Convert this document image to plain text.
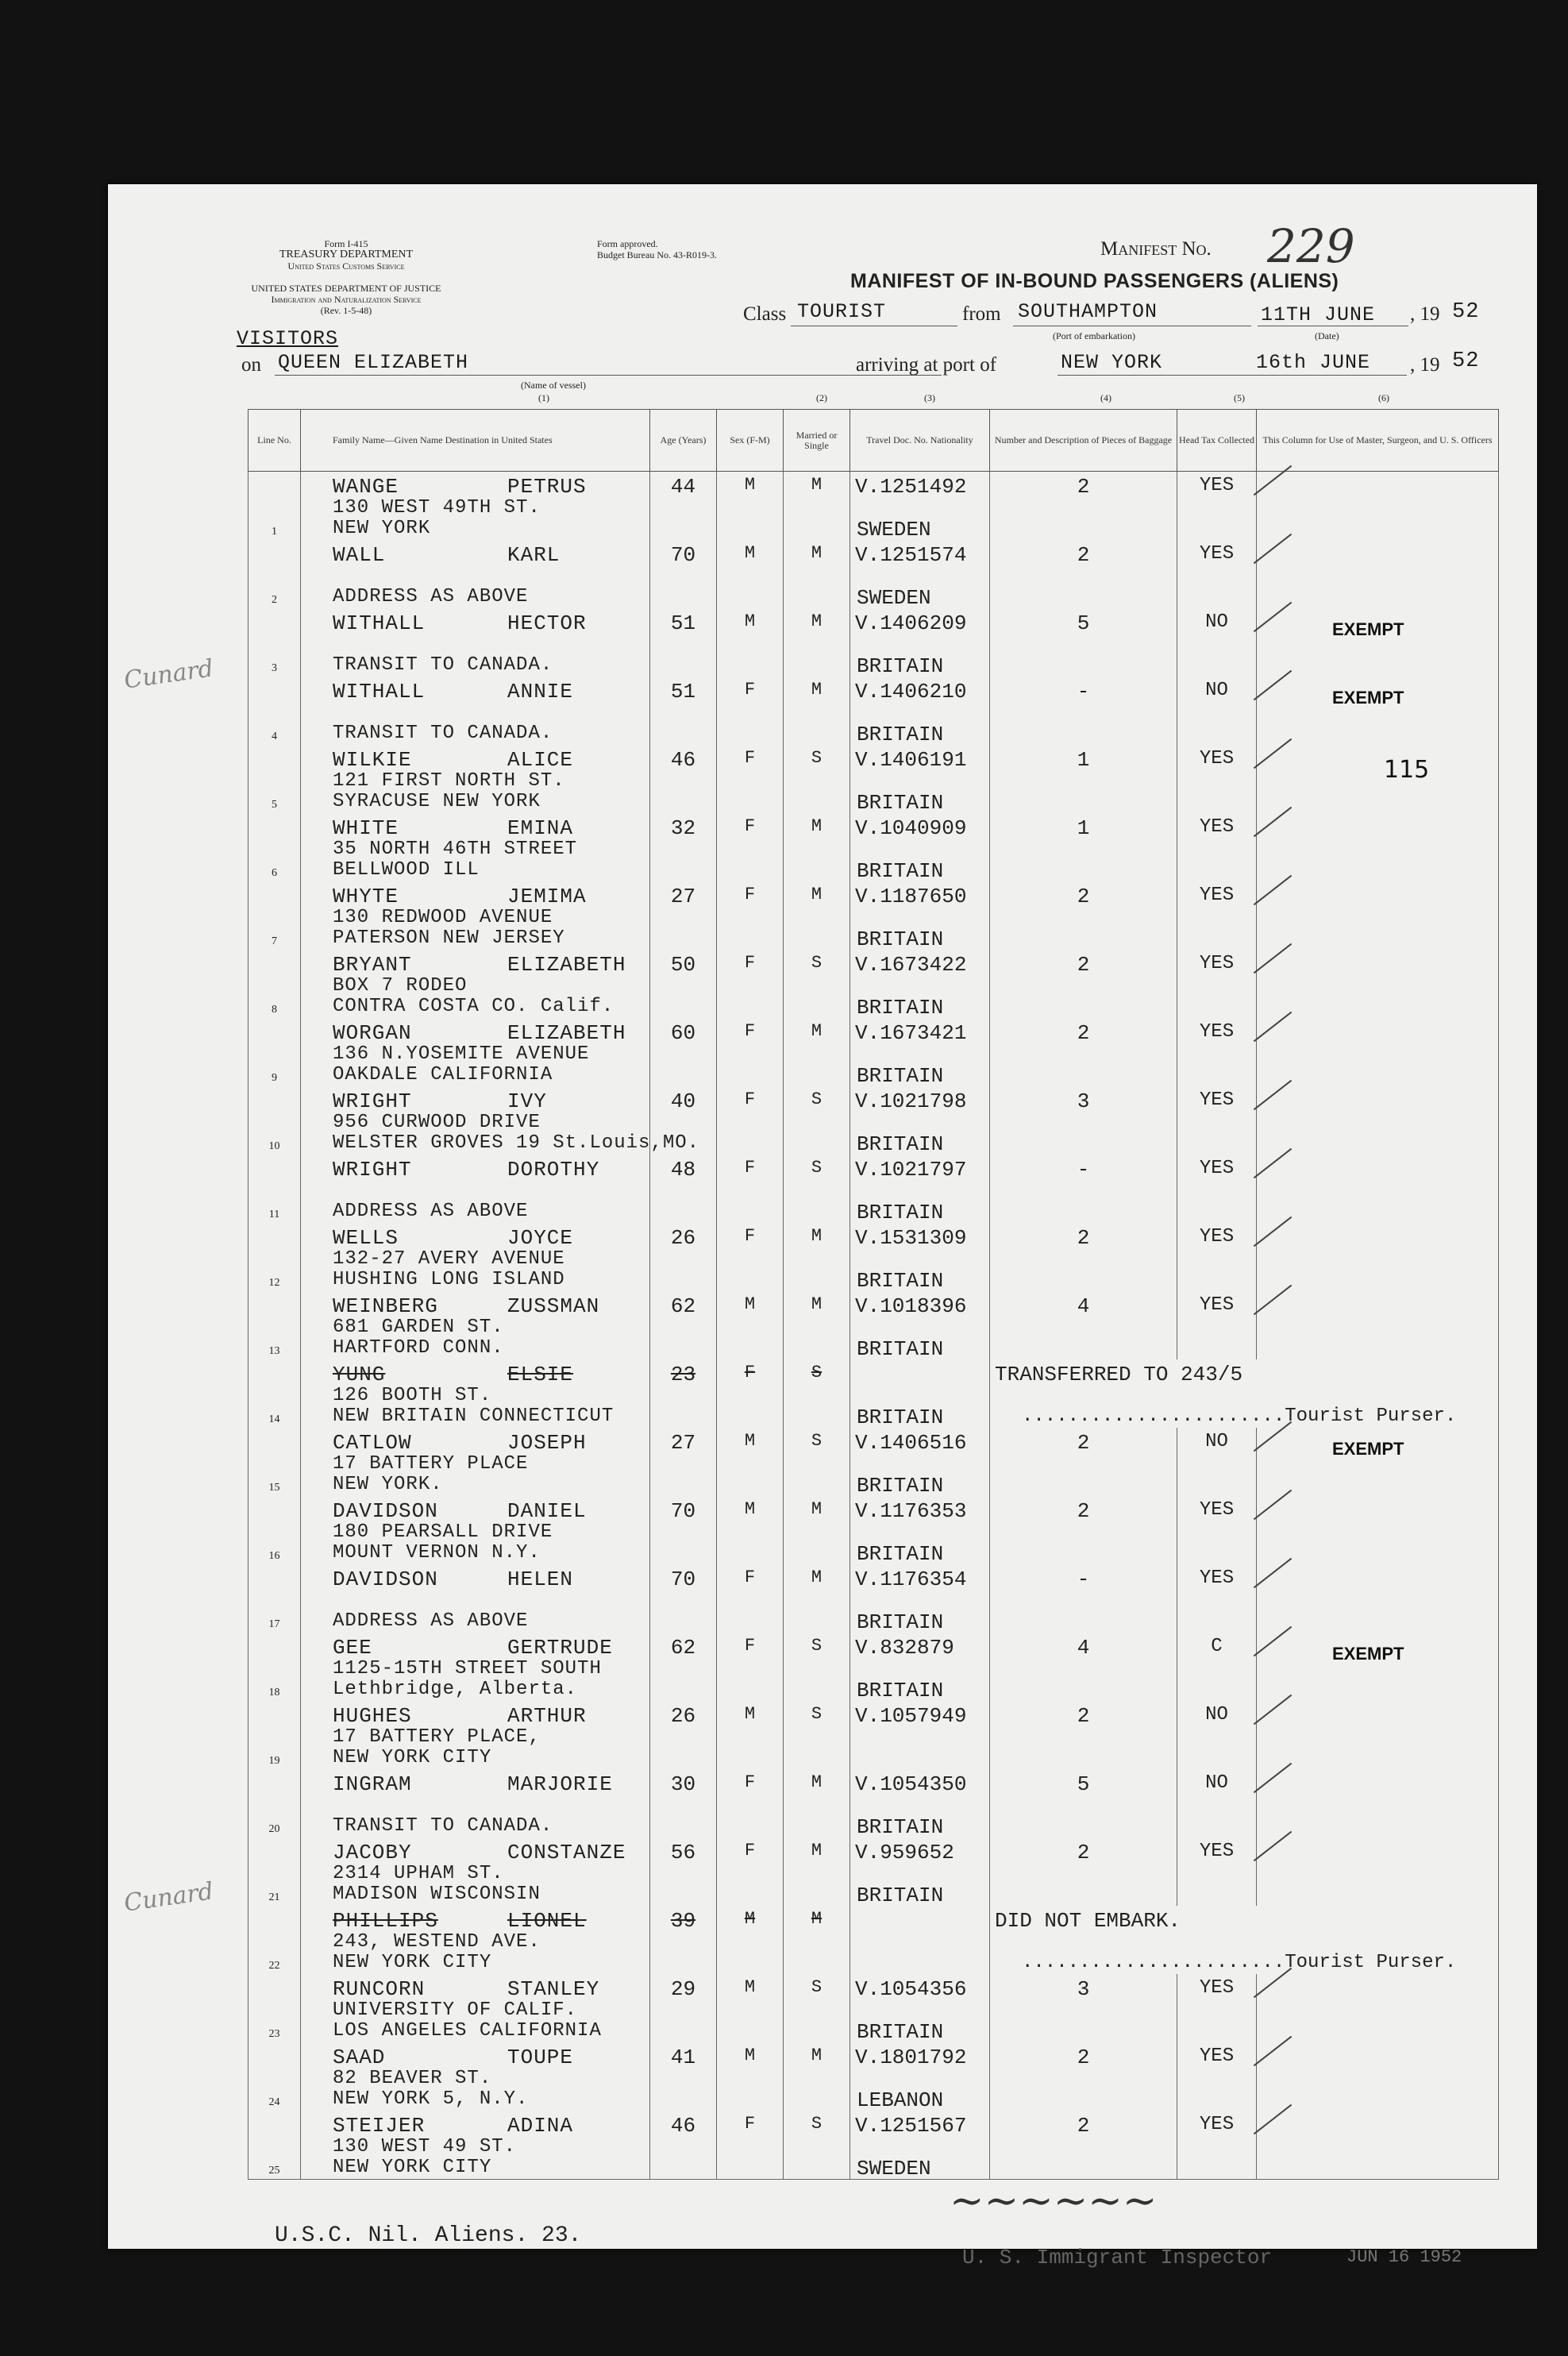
Form I-415
TREASURY DEPARTMENT
United States Customs Service
UNITED STATES DEPARTMENT OF JUSTICE
Immigration and Naturalization Service
(Rev. 1-5-48)
Form approved.
Budget Bureau No. 43-R019-3.	Manifest No. 229
MANIFEST OF IN-BOUND PASSENGERS (ALIENS)
Class TOURIST	from SOUTHAMPTON
(Port of embarkation)
11TH JUNE
(Date)
, 19 52
VISITORS
on QUEEN ELIZABETH
(Name of vessel)
arriving at port of	NEW YORK	16th JUNE , 19 52
(1)	(2)	(3)	(4)	(5)	(6)
Line No.	Family Name—Given Name Destination in United States	Age (Years)	Sex (F-M)	Married or Single	Travel Doc. No. Nationality	Number and Description of Pieces of Baggage	Head Tax Collected	This Column for Use of Master, Surgeon, and U. S. Officers	

1	WANGE PETRUS
130 WEST 49TH ST.
NEW YORK	44	M	M	V.1251492
SWEDEN	2	YES		

2	WALL KARL
ADDRESS AS ABOVE	70	M	M	V.1251574
SWEDEN	2	YES		

3	WITHALL HECTOR
TRANSIT TO CANADA.	51	M	M	V.1406209
BRITAIN	5	NO	EXEMPT	

4	WITHALL ANNIE
TRANSIT TO CANADA.	51	F	M	V.1406210
BRITAIN	-	NO	EXEMPT	

5	WILKIE ALICE
121 FIRST NORTH ST.
SYRACUSE NEW YORK	46	F	S	V.1406191
BRITAIN	1	YES	115	

6	WHITE EMINA
35 NORTH 46TH STREET
BELLWOOD ILL	32	F	M	V.1040909
BRITAIN	1	YES		

7	WHYTE JEMIMA
130 REDWOOD AVENUE
PATERSON NEW JERSEY	27	F	M	V.1187650
BRITAIN	2	YES		

8	BRYANT ELIZABETH
BOX 7 RODEO
CONTRA COSTA CO. Calif.	50	F	S	V.1673422
BRITAIN	2	YES		

9	WORGAN ELIZABETH
136 N.YOSEMITE AVENUE
OAKDALE CALIFORNIA	60	F	M	V.1673421
BRITAIN	2	YES		

10	WRIGHT IVY
956 CURWOOD DRIVE
WELSTER GROVES 19 St.Louis,MO.	40	F	S	V.1021798
BRITAIN	3	YES		

11	WRIGHT DOROTHY
ADDRESS AS ABOVE	48	F	S	V.1021797
BRITAIN	-	YES		

12	WELLS JOYCE
132-27 AVERY AVENUE
HUSHING LONG ISLAND	26	F	M	V.1531309
BRITAIN	2	YES		

13	WEINBERG ZUSSMAN
681 GARDEN ST.
HARTFORD CONN.	62	M	M	V.1018396
BRITAIN	4	YES		

14	YUNG ELSIE
126 BOOTH ST.
NEW BRITAIN CONNECTICUT	23	F	S	BRITAIN	TRANSFERRED TO 243/5
.......................Tourist Purser.			

15	CATLOW JOSEPH
17 BATTERY PLACE
NEW YORK.	27	M	S	V.1406516
BRITAIN	2	NO	EXEMPT	

16	DAVIDSON DANIEL
180 PEARSALL DRIVE
MOUNT VERNON N.Y.	70	M	M	V.1176353
BRITAIN	2	YES		

17	DAVIDSON HELEN
ADDRESS AS ABOVE	70	F	M	V.1176354
BRITAIN	-	YES		

18	GEE GERTRUDE
1125-15TH STREET SOUTH
Lethbridge, Alberta.	62	F	S	V.832879
BRITAIN	4	C	EXEMPT	

19	HUGHES ARTHUR
17 BATTERY PLACE,
NEW YORK CITY	26	M	S	V.1057949	2	NO		

20	INGRAM MARJORIE
TRANSIT TO CANADA.	30	F	M	V.1054350
BRITAIN	5	NO		

21	JACOBY CONSTANZE
2314 UPHAM ST.
MADISON WISCONSIN	56	F	M	V.959652
BRITAIN	2	YES		

22	PHILLIPS LIONEL
243, WESTEND AVE.
NEW YORK CITY	39	M	M		DID NOT EMBARK.
.......................Tourist Purser.			

23	RUNCORN STANLEY
UNIVERSITY OF CALIF.
LOS ANGELES CALIFORNIA	29	M	S	V.1054356
BRITAIN	3	YES		

24	SAAD TOUPE
82 BEAVER ST.
NEW YORK 5, N.Y.	41	M	M	V.1801792
LEBANON	2	YES		

25	STEIJER ADINA
130 WEST 49 ST.
NEW YORK CITY	46	F	S	V.1251567
SWEDEN	2	YES		

Cunard
Cunard
U.S.C. Nil. Aliens. 23.
U. S. Immigrant Inspector	JUN 16 1952
∼∼∼∼∼∼
